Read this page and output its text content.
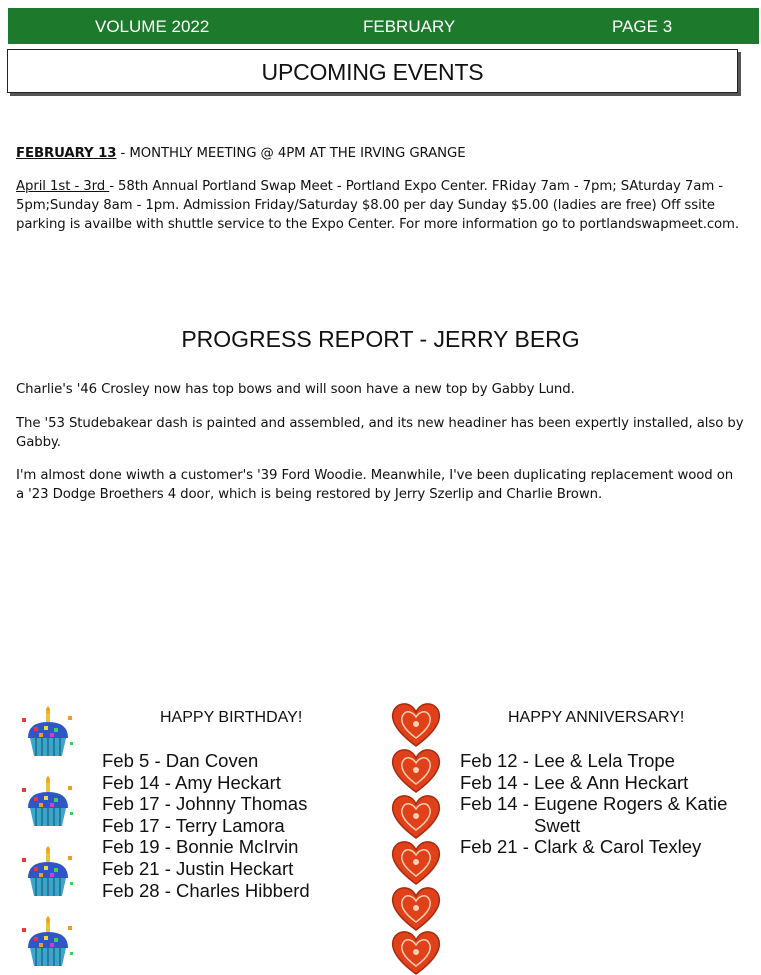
VOLUME 2022	FEBRUARY	PAGE 3
UPCOMING EVENTS

FEBRUARY 13 - MONTHLY MEETING @ 4PM AT THE IRVING GRANGE

April 1st - 3rd - 58th Annual Portland Swap Meet - Portland Expo Center. FRiday 7am - 7pm; SAturday 7am - 5pm;Sunday 8am - 1pm. Admission Friday/Saturday $8.00 per day Sunday $5.00 (ladies are free) Off ssite parking is availbe with shuttle service to the Expo Center. For more information go to portlandswapmeet.com.

PROGRESS REPORT - JERRY BERG

Charlie's '46 Crosley now has top bows and will soon have a new top by Gabby Lund.

The '53 Studebakear dash is painted and assembled, and its new headiner has been expertly installed, also by Gabby.

I'm almost done wiwth a customer's '39 Ford Woodie. Meanwhile, I've been duplicating replacement wood on a '23 Dodge Broethers 4 door, which is being restored by Jerry Szerlip and Charlie Brown.

HAPPY BIRTHDAY!
Feb 5 - Dan Coven
Feb 14 - Amy Heckart
Feb 17 - Johnny Thomas
Feb 17 - Terry Lamora
Feb 19 - Bonnie McIrvin
Feb 21 - Justin Heckart
Feb 28 - Charles Hibberd
HAPPY ANNIVERSARY!
Feb 12 - Lee & Lela Trope
Feb 14 - Lee & Ann Heckart
Feb 14 - Eugene Rogers & Katie
Swett
Feb 21 - Clark & Carol Texley
